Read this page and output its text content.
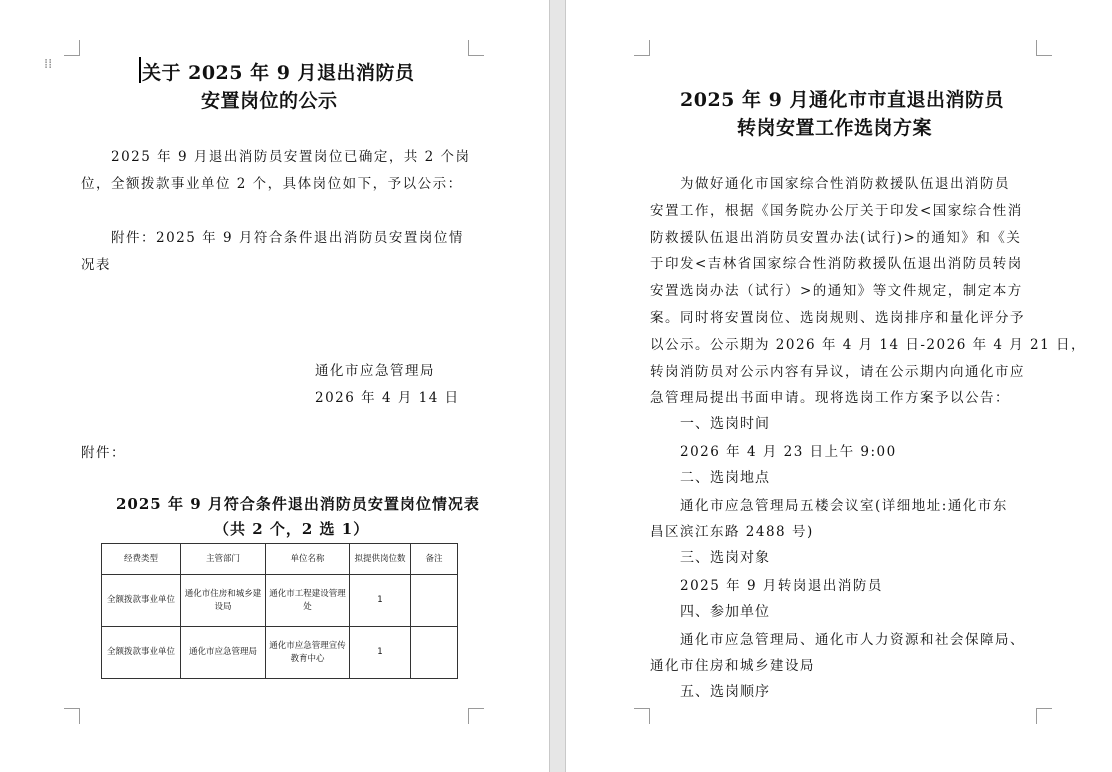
⁞⁞	关于 2025 年 9 月退出消防员
安置岗位的公示
2025 年 9 月退出消防员安置岗位已确定，共 2 个岗
位，全额拨款事业单位 2 个，具体岗位如下，予以公示：
附件：2025 年 9 月符合条件退出消防员安置岗位情
况表
通化市应急管理局
2026 年 4 月 14 日
附件：
2025 年 9 月符合条件退出消防员安置岗位情况表
（共 2 个，2 选 1）
经费类型	主管部门	单位名称	拟提供岗位数	备注
全额拨款事业单位	通化市住房和城乡建设局	通化市工程建设管理处	1	
全额拨款事业单位	通化市应急管理局	通化市应急管理宣传教育中心	1	
2025 年 9 月通化市市直退出消防员
转岗安置工作选岗方案
为做好通化市国家综合性消防救援队伍退出消防员
安置工作，根据《国务院办公厅关于印发<国家综合性消
防救援队伍退出消防员安置办法(试行)>的通知》和《关
于印发<吉林省国家综合性消防救援队伍退出消防员转岗
安置选岗办法（试行）>的通知》等文件规定，制定本方
案。同时将安置岗位、选岗规则、选岗排序和量化评分予
以公示。公示期为 2026 年 4 月 14 日-2026 年 4 月 21 日，
转岗消防员对公示内容有异议，请在公示期内向通化市应
急管理局提出书面申请。现将选岗工作方案予以公告：
一、选岗时间
2026 年 4 月 23 日上午 9:00
二、选岗地点
通化市应急管理局五楼会议室(详细地址:通化市东
昌区滨江东路 2488 号)
三、选岗对象
2025 年 9 月转岗退出消防员
四、参加单位
通化市应急管理局、通化市人力资源和社会保障局、
通化市住房和城乡建设局
五、选岗顺序
